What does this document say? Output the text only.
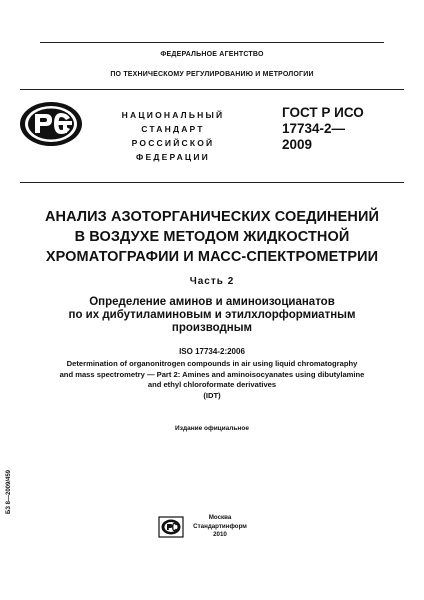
ФЕДЕРАЛЬНОЕ АГЕНТСТВО
ПО ТЕХНИЧЕСКОМУ РЕГУЛИРОВАНИЮ И МЕТРОЛОГИИ
НАЦИОНАЛЬНЫЙ
СТАНДАРТ
РОССИЙСКОЙ
ФЕДЕРАЦИИ
ГОСТ Р ИСО
17734-2—
2009
АНАЛИЗ АЗОТОРГАНИЧЕСКИХ СОЕДИНЕНИЙ
В ВОЗДУХЕ МЕТОДОМ ЖИДКОСТНОЙ
ХРОМАТОГРАФИИ И МАСС-СПЕКТРОМЕТРИИ
Часть 2
Определение аминов и аминоизоцианатов
по их дибутиламиновым и этилхлорформиатным
производным
ISO 17734-2:2006
Determination of organonitrogen compounds in air using liquid chromatography
and mass spectrometry — Part 2: Amines and aminoisocyanates using dibutylamine
and ethyl chloroformate derivatives
(IDT)
Издание официальное
БЗ 8—2009/459
Москва
Стандартинформ
2010
